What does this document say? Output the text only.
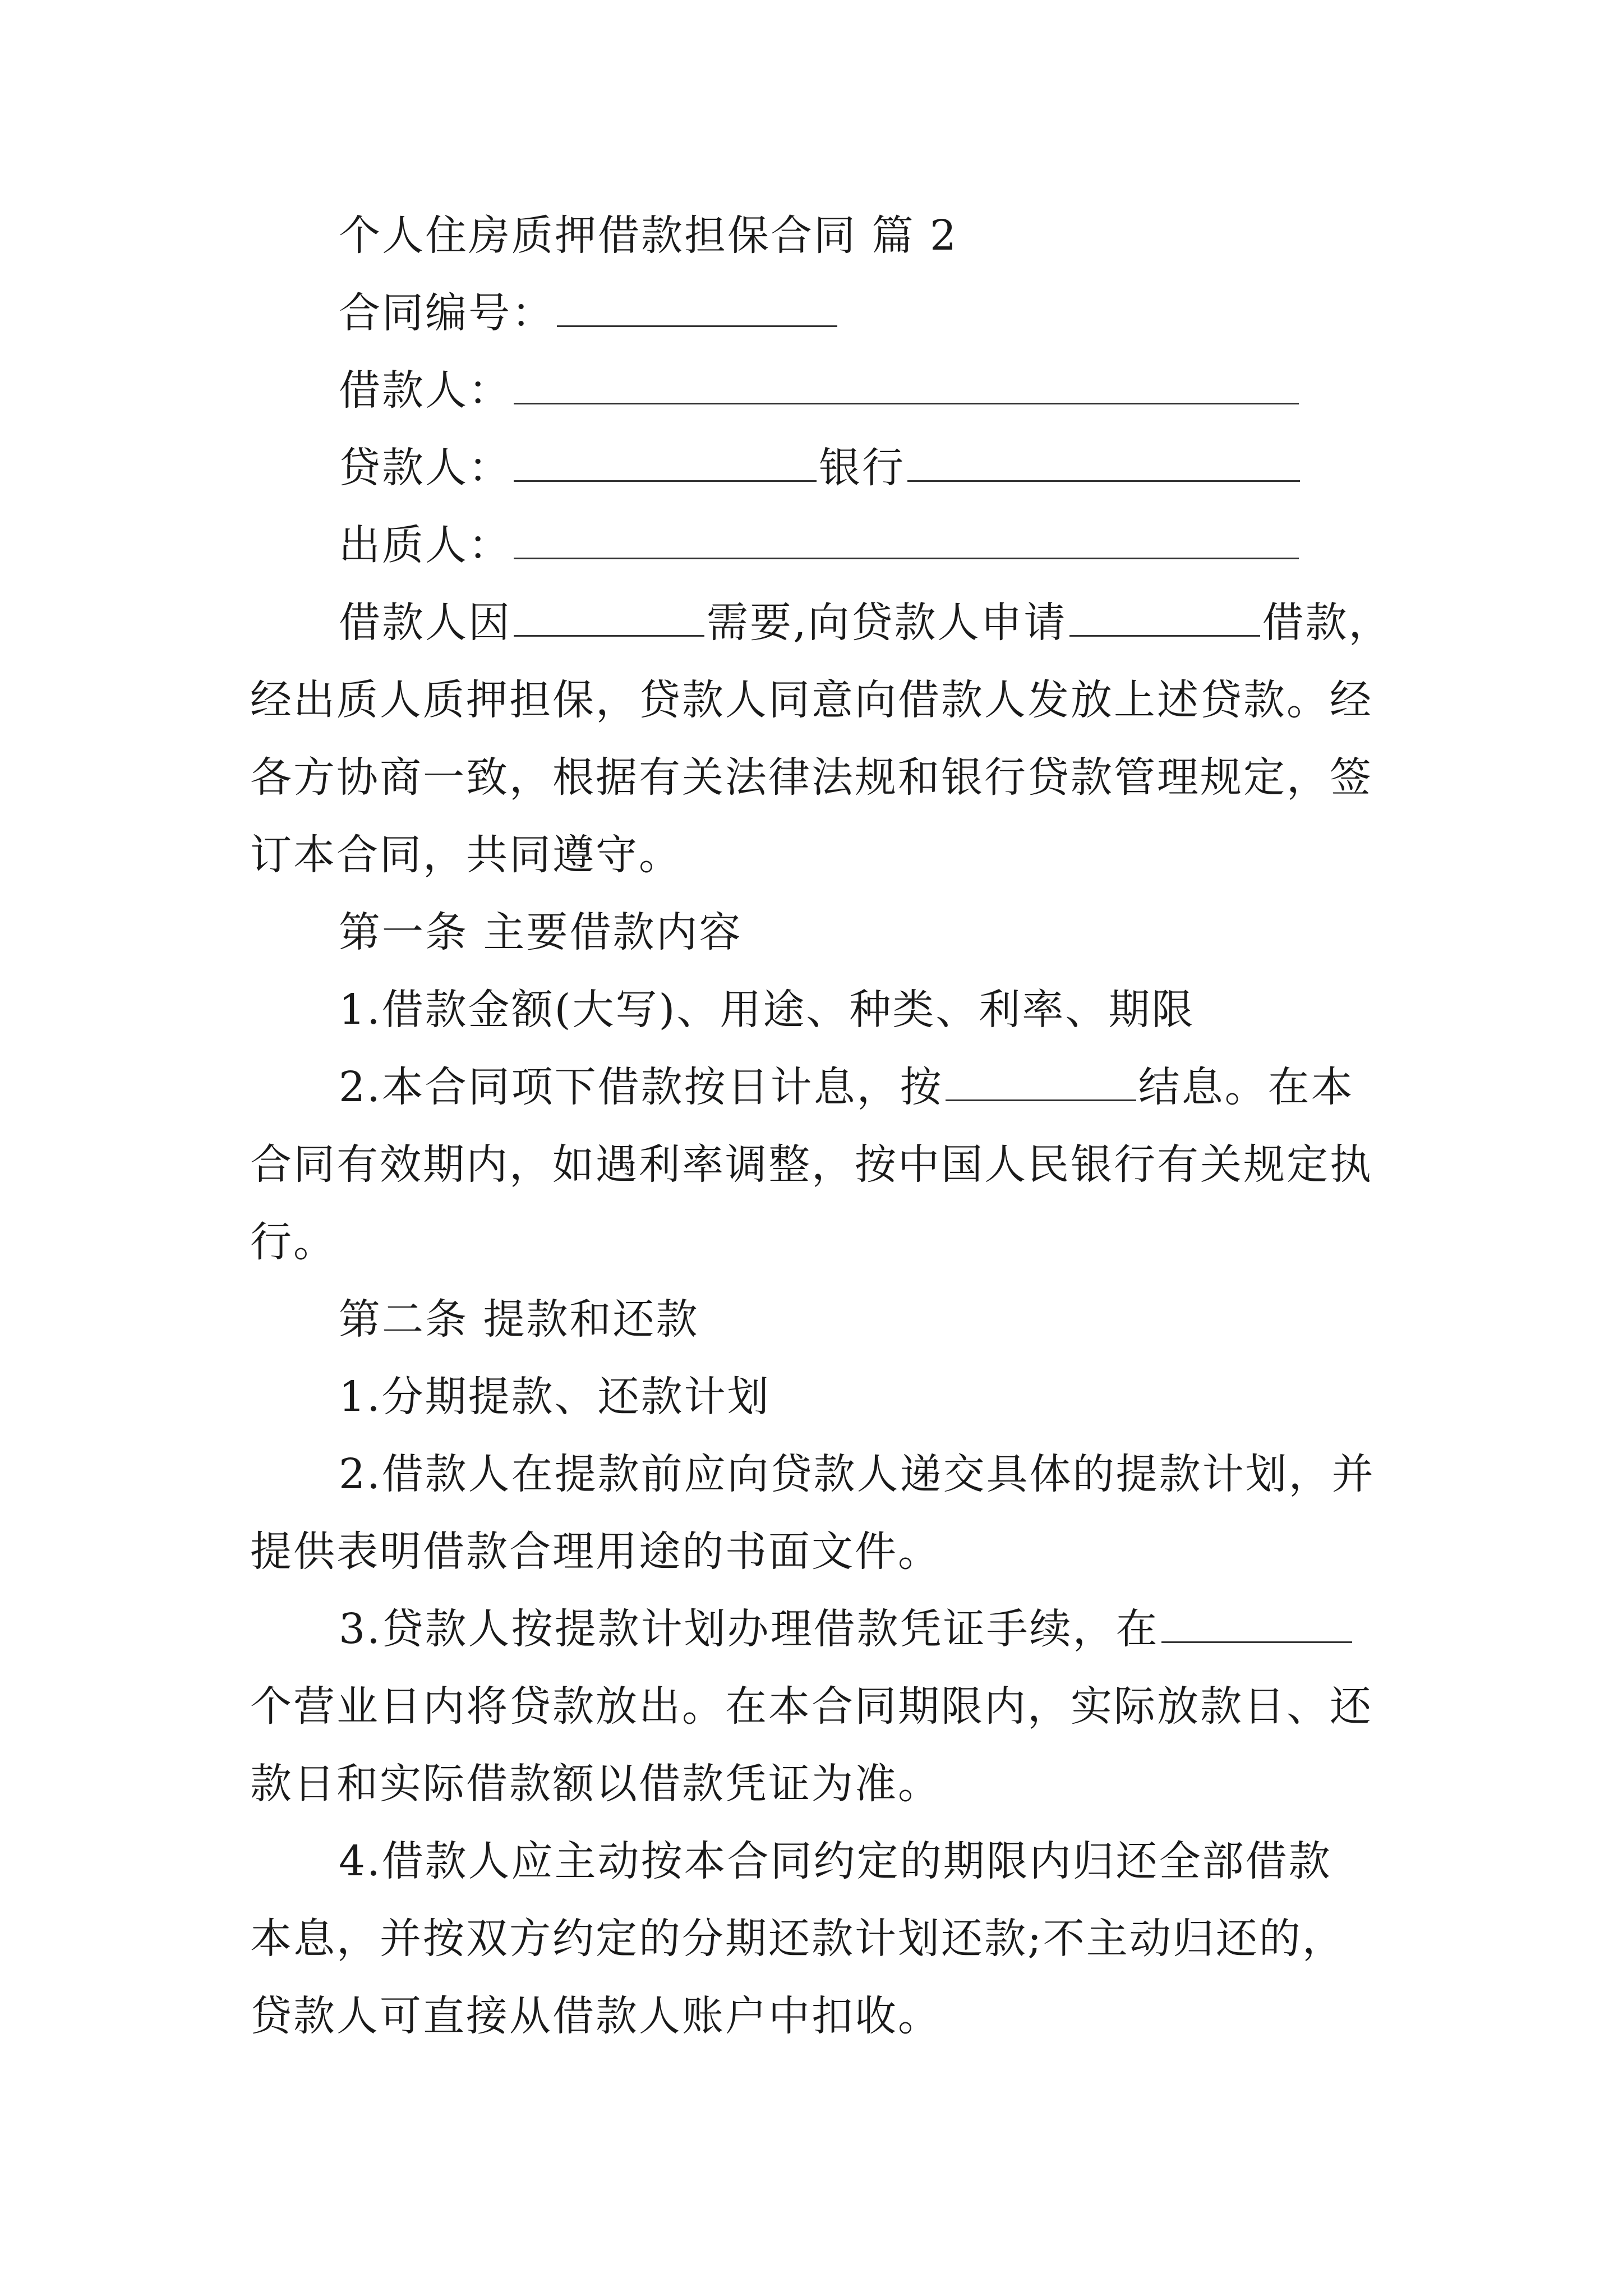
个人住房质押借款担保合同 篇 2
合同编号：
借款人：
贷款人：	银行
出质人：
借款人因	需要,向贷款人申请	借款，
经出质人质押担保，贷款人同意向借款人发放上述贷款。经
各方协商一致，根据有关法律法规和银行贷款管理规定，签
订本合同，共同遵守。
第一条 主要借款内容
1.借款金额(大写)、用途、种类、利率、期限
2.本合同项下借款按日计息，按	结息。在本
合同有效期内，如遇利率调整，按中国人民银行有关规定执
行。
第二条 提款和还款
1.分期提款、还款计划
2.借款人在提款前应向贷款人递交具体的提款计划，并
提供表明借款合理用途的书面文件。
3.贷款人按提款计划办理借款凭证手续，在
个营业日内将贷款放出。在本合同期限内，实际放款日、还
款日和实际借款额以借款凭证为准。
4.借款人应主动按本合同约定的期限内归还全部借款
本息，并按双方约定的分期还款计划还款;不主动归还的，
贷款人可直接从借款人账户中扣收。
